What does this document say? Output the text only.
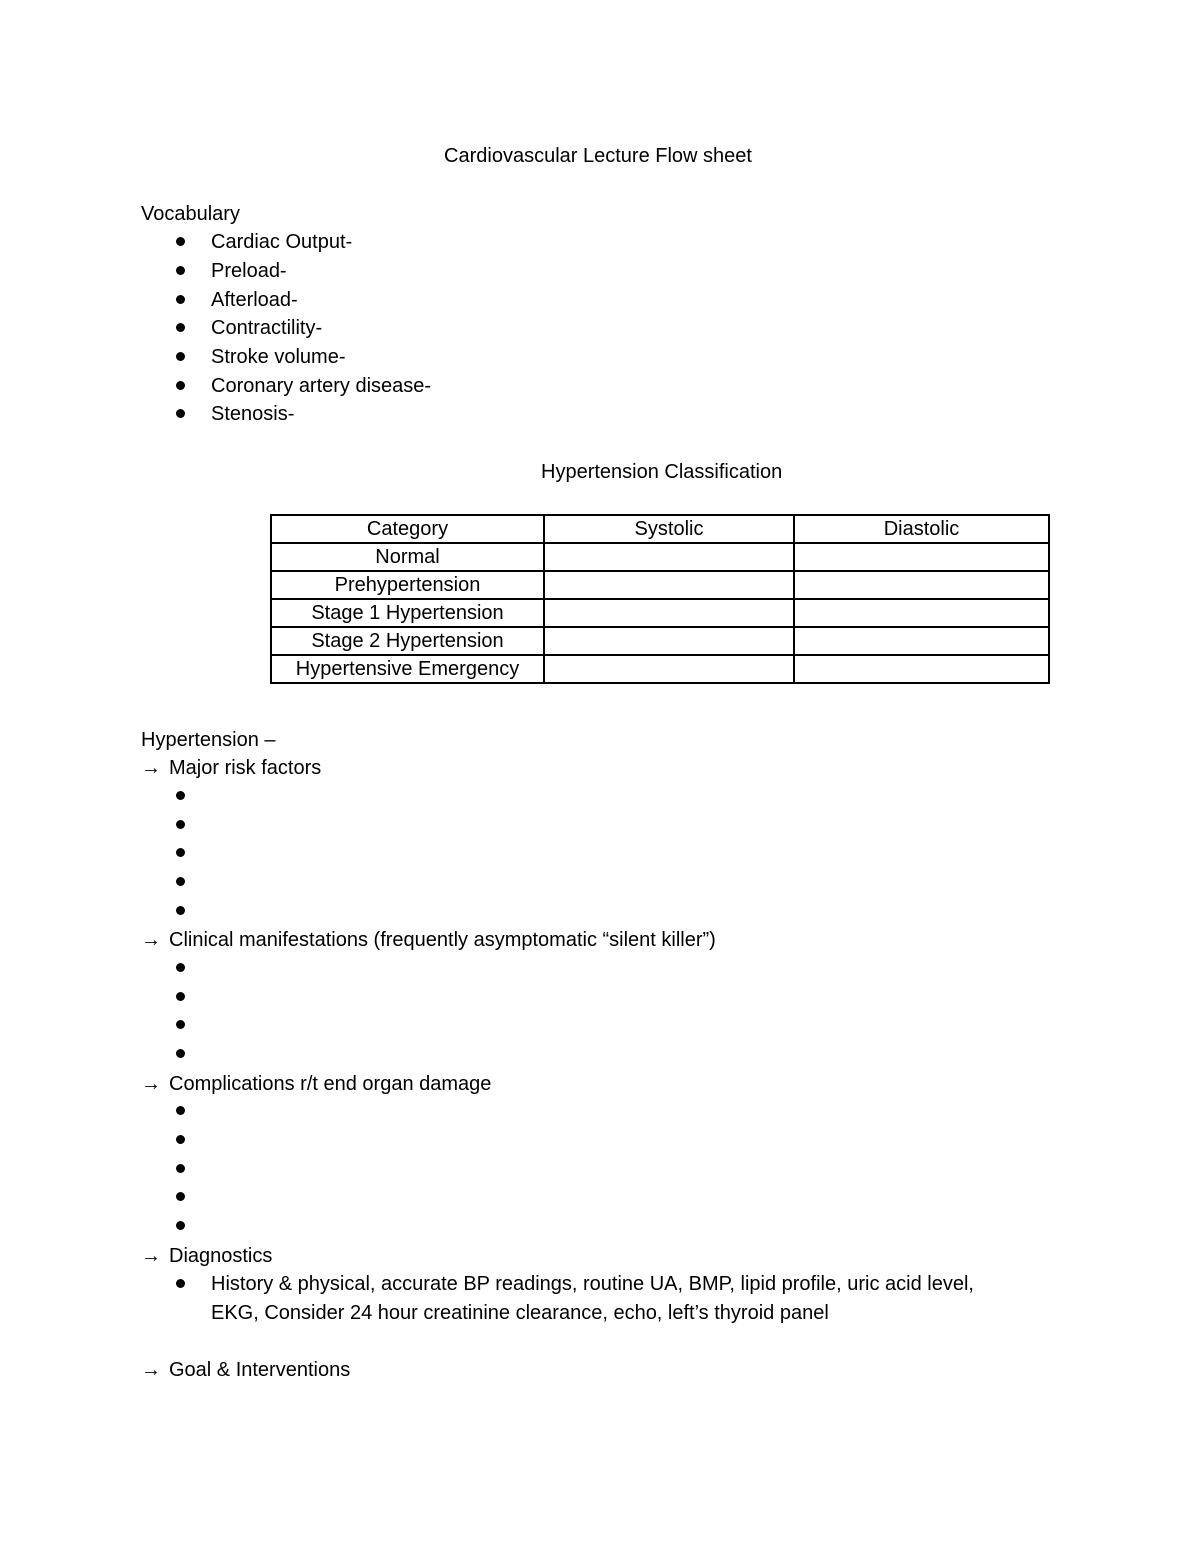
Cardiovascular Lecture Flow sheet
Vocabulary
Cardiac Output-
Preload-
Afterload-
Contractility-
Stroke volume-
Coronary artery disease-
Stenosis-
Hypertension Classification
Category	Systolic	Diastolic
Normal		
Prehypertension		
Stage 1 Hypertension		
Stage 2 Hypertension		
Hypertensive Emergency		
Hypertension –
→ Major risk factors
→ Clinical manifestations (frequently asymptomatic “silent killer”)
→ Complications r/t end organ damage
→ Diagnostics
History & physical, accurate BP readings, routine UA, BMP, lipid profile, uric acid level,
EKG, Consider 24 hour creatinine clearance, echo, left’s thyroid panel
→ Goal & Interventions
